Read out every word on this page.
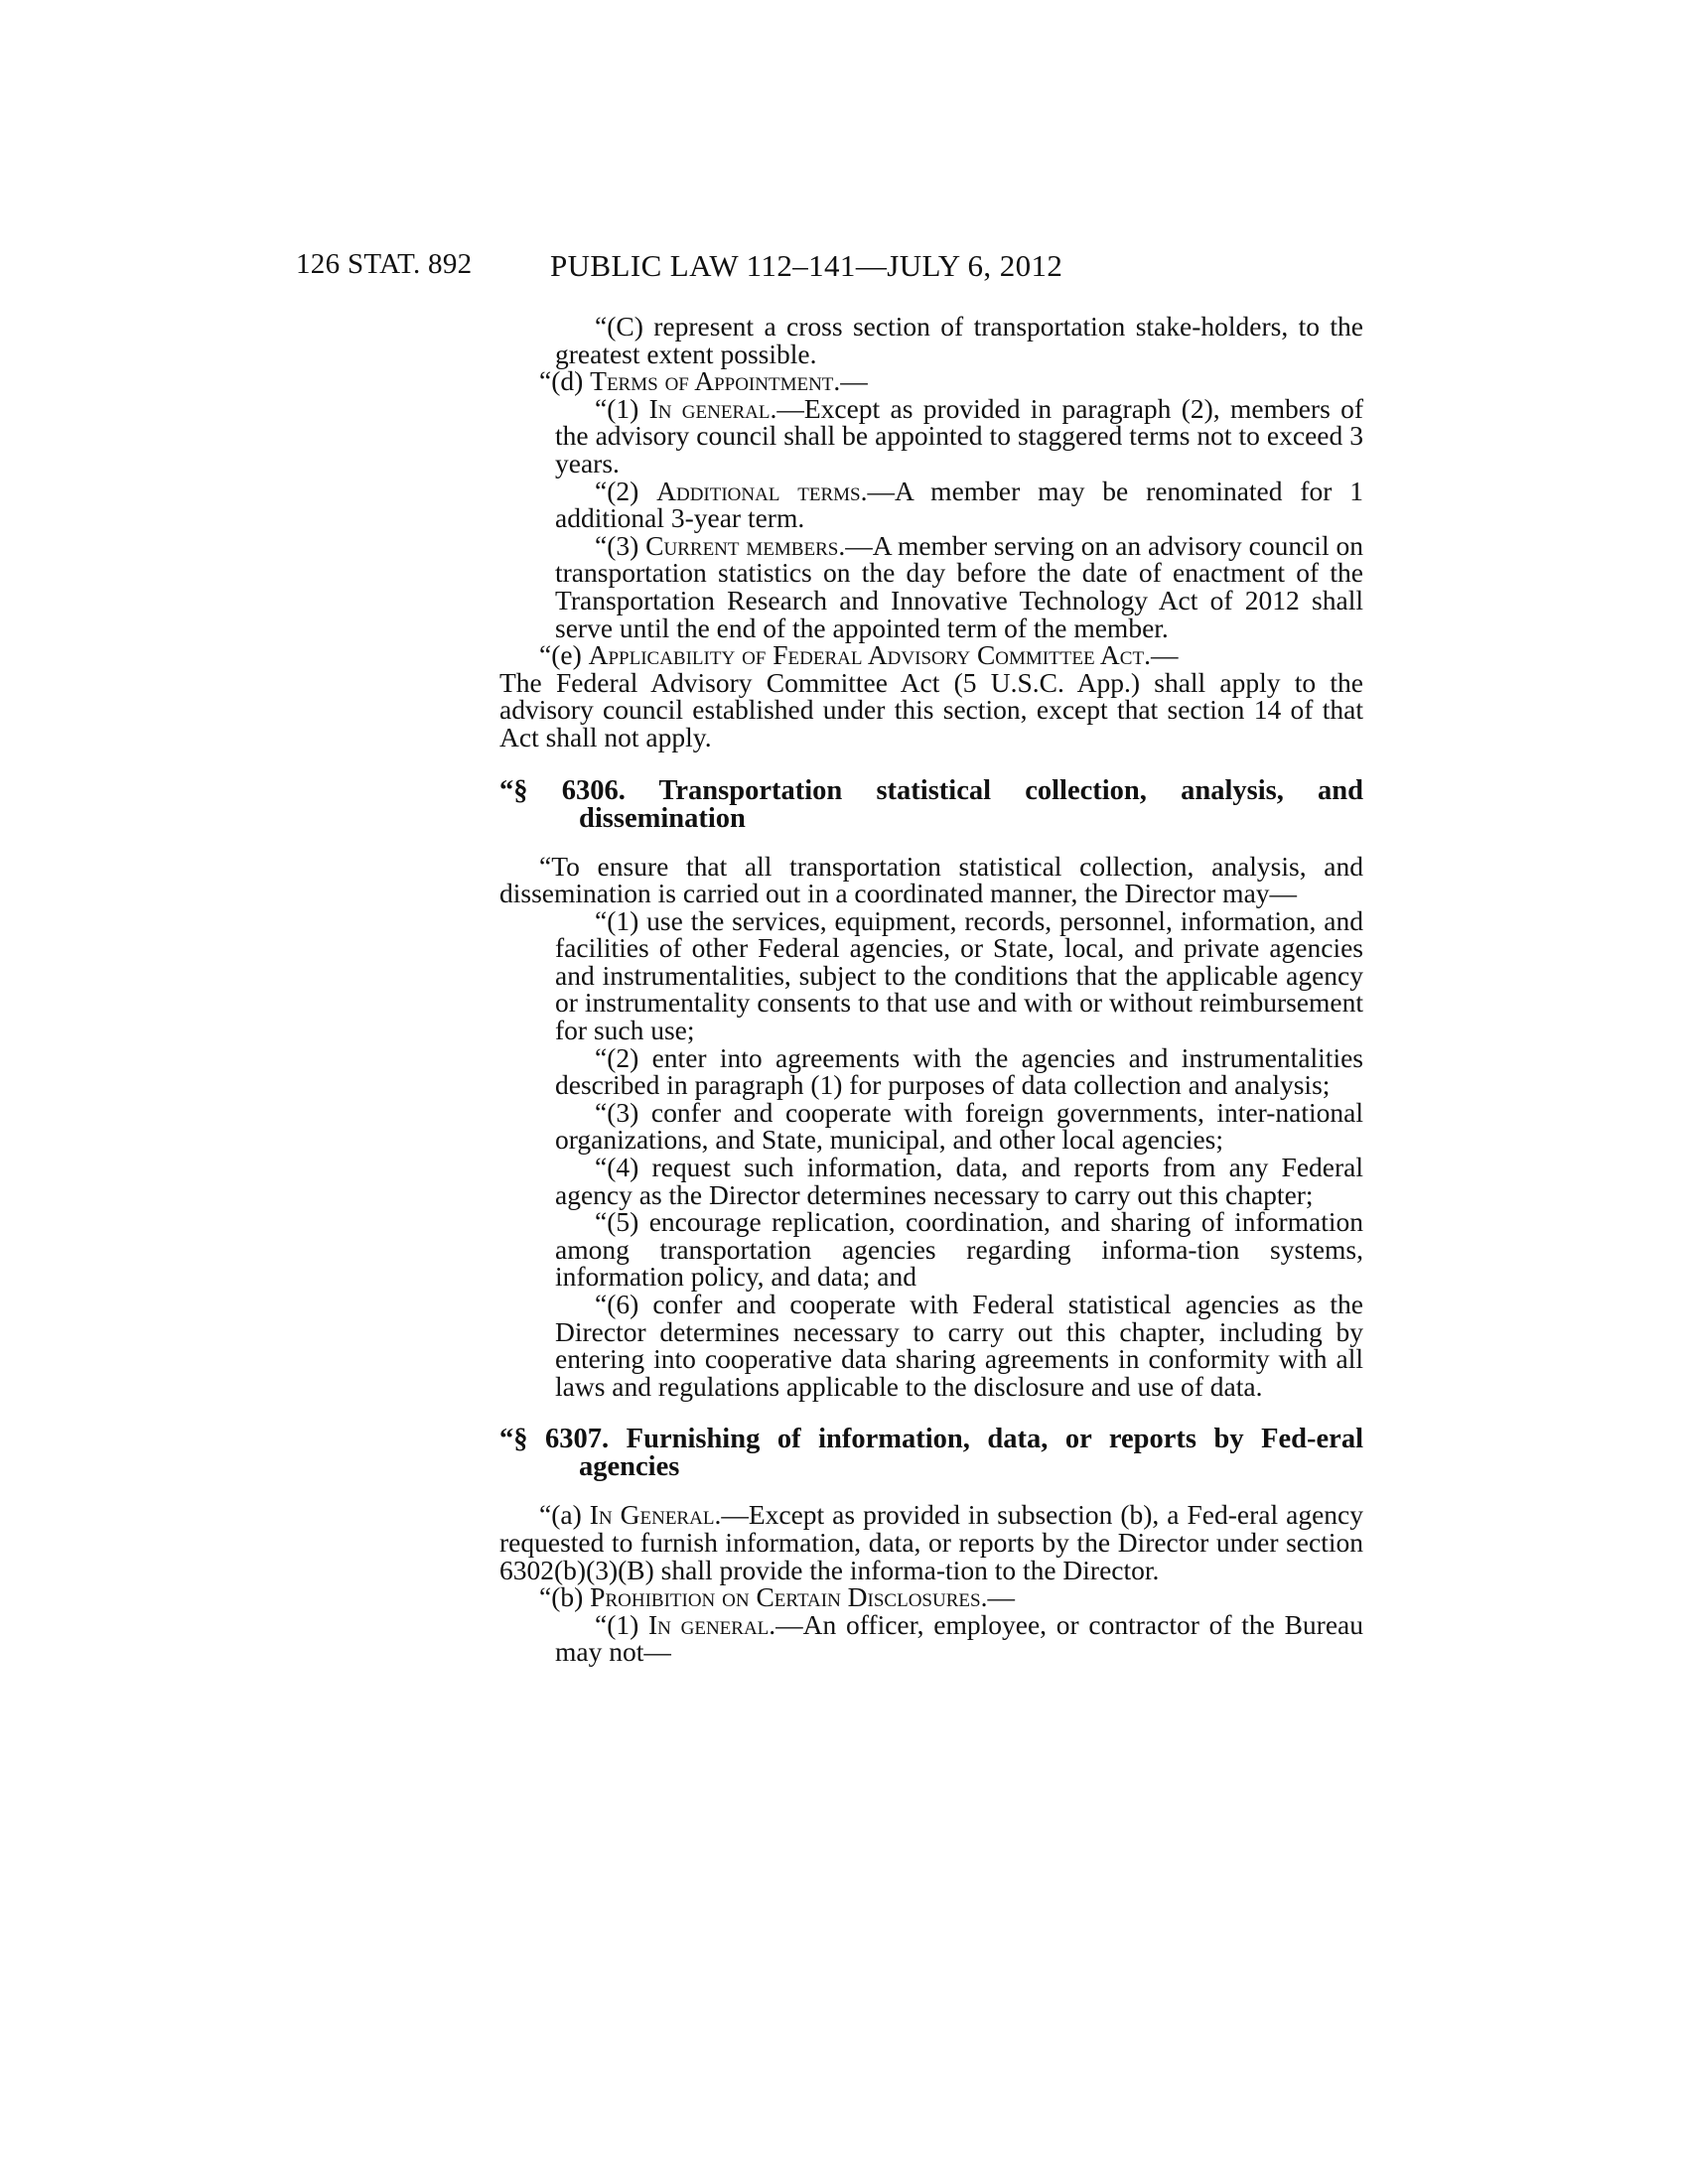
126 STAT. 892	PUBLIC LAW 112–141—JULY 6, 2012

“(C) represent a cross section of transportation stake-holders, to the greatest extent possible.

“(d) Terms of Appointment.—

“(1) In general.—Except as provided in paragraph (2), members of the advisory council shall be appointed to staggered terms not to exceed 3 years.

“(2) Additional terms.—A member may be renominated for 1 additional 3-year term.

“(3) Current members.—A member serving on an advisory council on transportation statistics on the day before the date of enactment of the Transportation Research and Innovative Technology Act of 2012 shall serve until the end of the appointed term of the member.

“(e) Applicability of Federal Advisory Committee Act.—

The Federal Advisory Committee Act (5 U.S.C. App.) shall apply to the advisory council established under this section, except that section 14 of that Act shall not apply.

“§ 6306. Transportation statistical collection, analysis, and dissemination

“To ensure that all transportation statistical collection, analysis, and dissemination is carried out in a coordinated manner, the Director may—

“(1) use the services, equipment, records, personnel, information, and facilities of other Federal agencies, or State, local, and private agencies and instrumentalities, subject to the conditions that the applicable agency or instrumentality consents to that use and with or without reimbursement for such use;

“(2) enter into agreements with the agencies and instrumentalities described in paragraph (1) for purposes of data collection and analysis;

“(3) confer and cooperate with foreign governments, inter-national organizations, and State, municipal, and other local agencies;

“(4) request such information, data, and reports from any Federal agency as the Director determines necessary to carry out this chapter;

“(5) encourage replication, coordination, and sharing of information among transportation agencies regarding informa-tion systems, information policy, and data; and

“(6) confer and cooperate with Federal statistical agencies as the Director determines necessary to carry out this chapter, including by entering into cooperative data sharing agreements in conformity with all laws and regulations applicable to the disclosure and use of data.

“§ 6307. Furnishing of information, data, or reports by Fed-eral agencies

“(a) In General.—Except as provided in subsection (b), a Fed-eral agency requested to furnish information, data, or reports by the Director under section 6302(b)(3)(B) shall provide the informa-tion to the Director.

“(b) Prohibition on Certain Disclosures.—

“(1) In general.—An officer, employee, or contractor of the Bureau may not—
